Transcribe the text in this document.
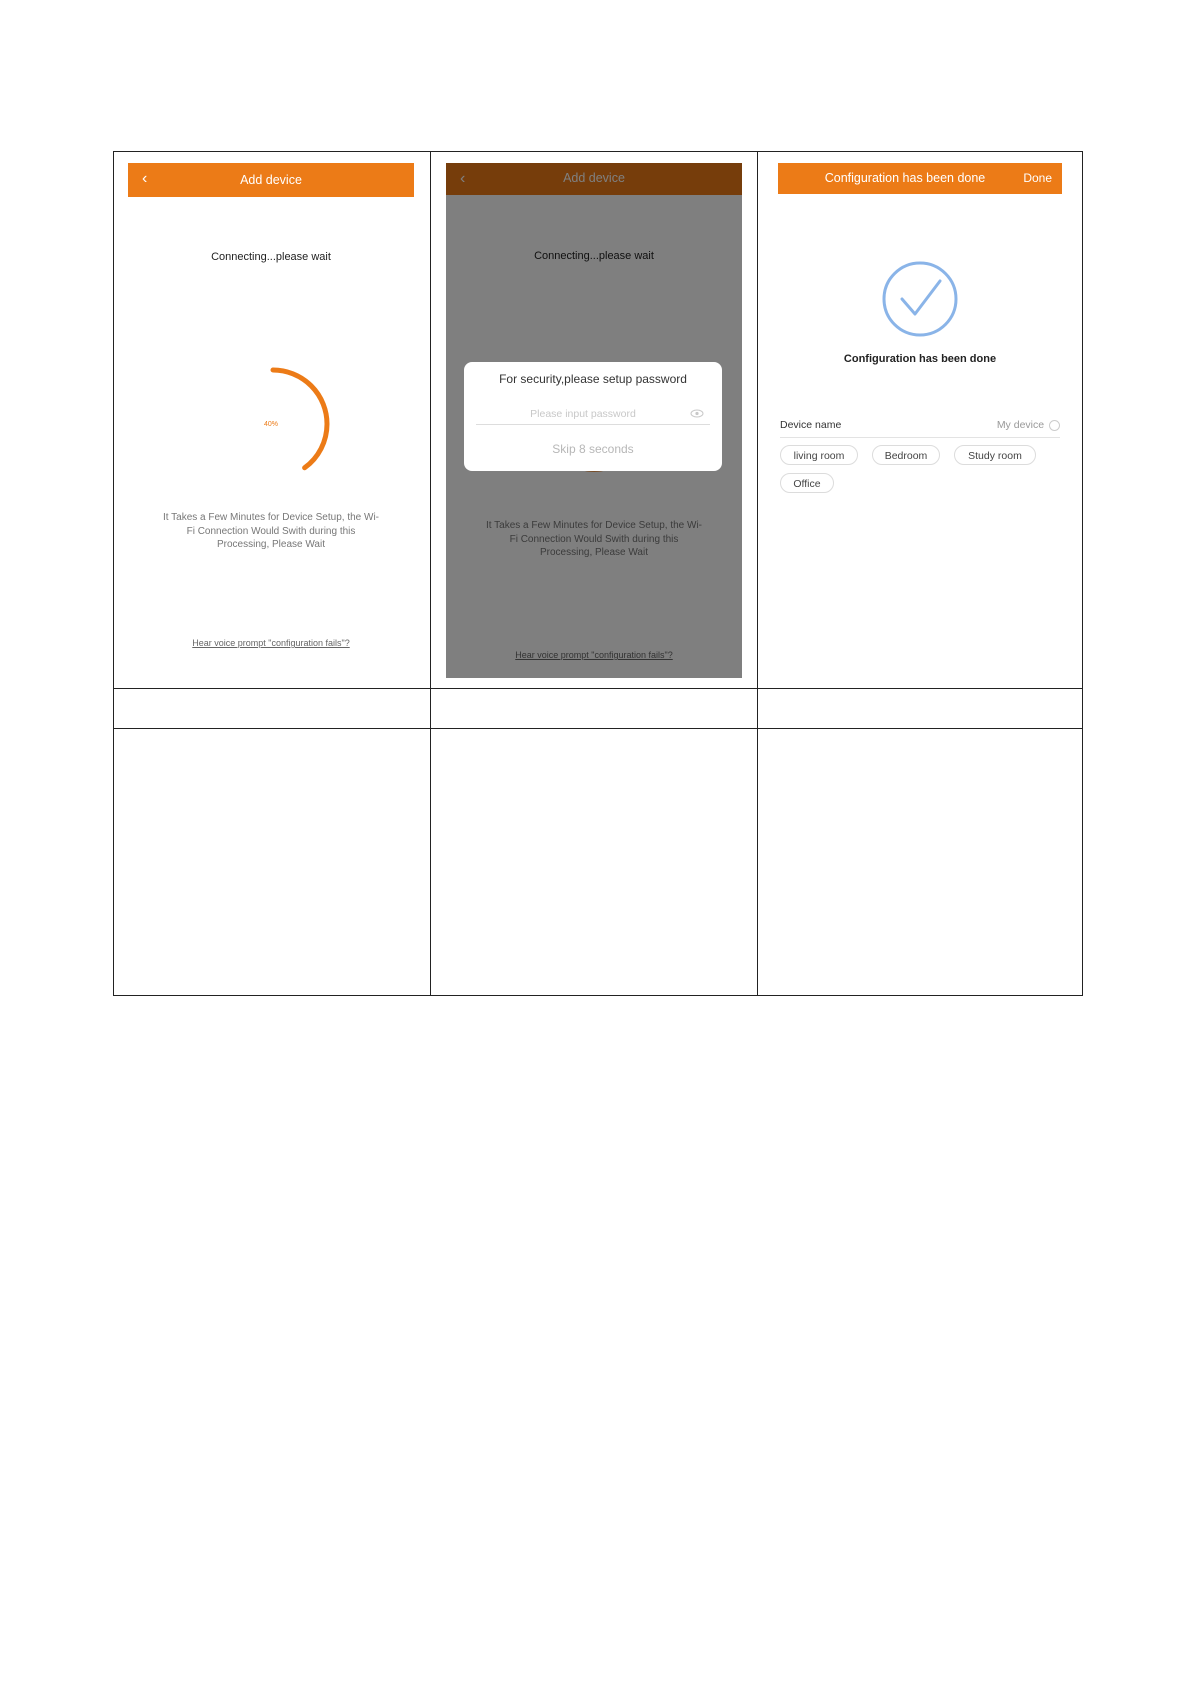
‹	Add device
Connecting...please wait
40%
It Takes a Few Minutes for Device Setup, the Wi-
Fi Connection Would Swith during this
Processing, Please Wait
Hear voice prompt "configuration fails"?
For security,please setup password
Please input password
Skip 8 seconds
Configuration has been done	Done
Configuration has been done
Device name	My device
living room	Bedroom	Study room
Office
